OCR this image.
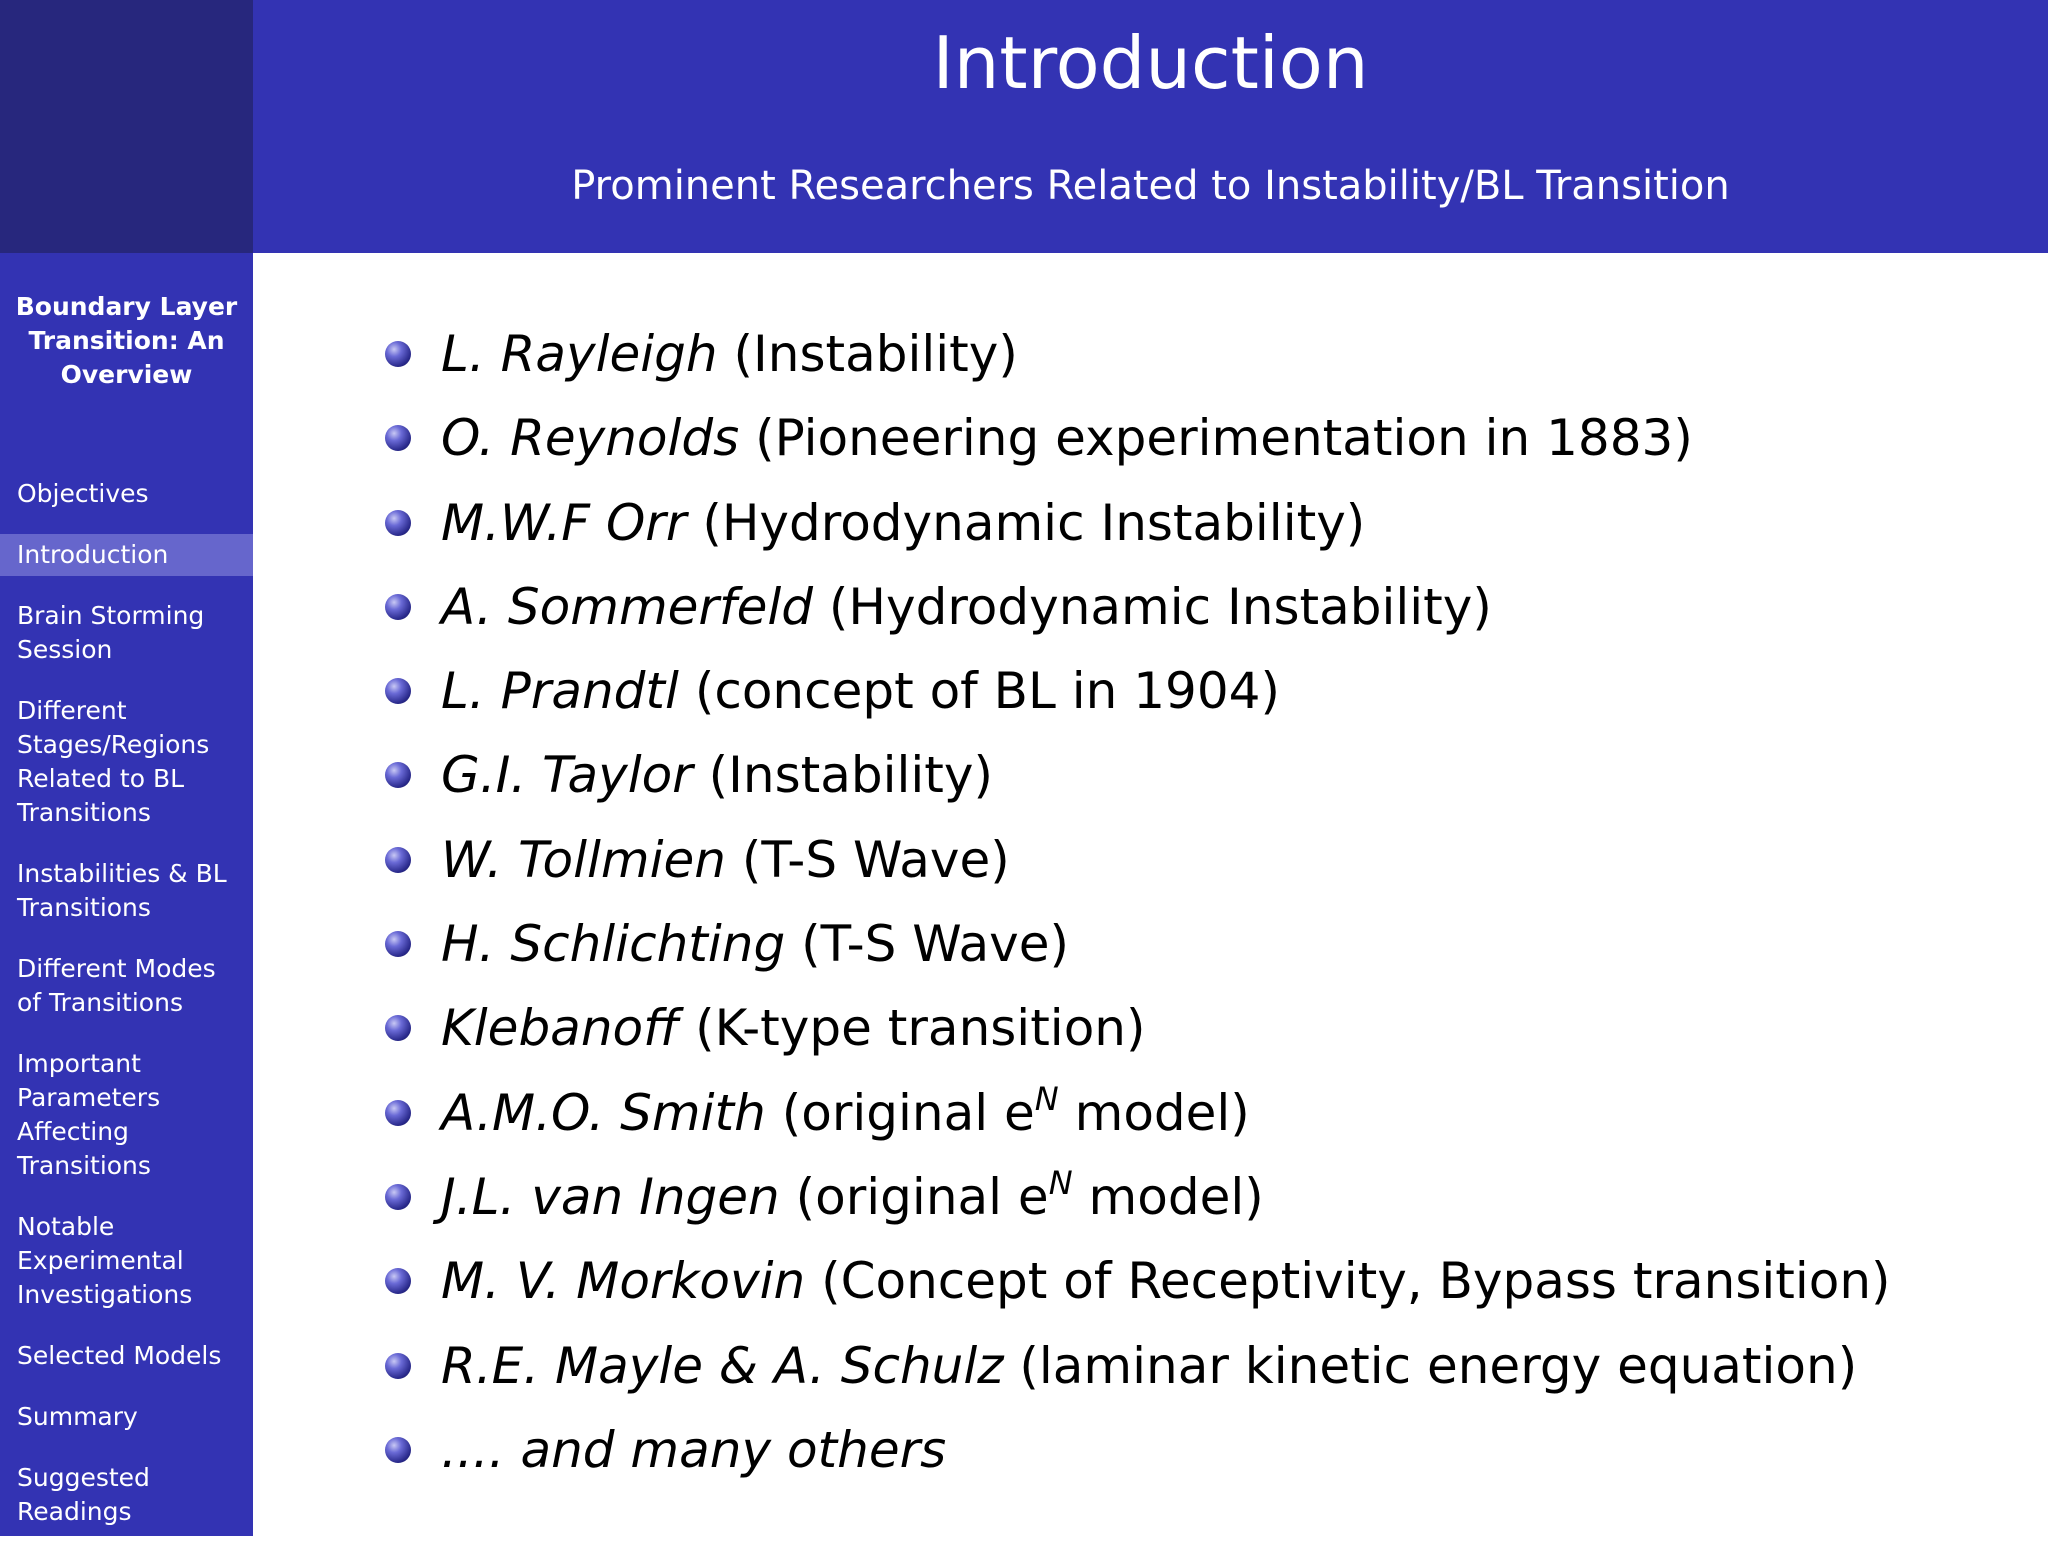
Introduction
Prominent Researchers Related to Instability/BL Transition
Boundary Layer Transition: An Overview
Objectives
Introduction
Brain Storming Session
Different Stages/Regions Related to BL Transitions
Instabilities & BL Transitions
Different Modes of Transitions
Important Parameters Affecting Transitions
Notable Experimental Investigations
Selected Models
Summary
Suggested Readings
L. Rayleigh (Instability)
O. Reynolds (Pioneering experimentation in 1883)
M.W.F Orr (Hydrodynamic Instability)
A. Sommerfeld (Hydrodynamic Instability)
L. Prandtl (concept of BL in 1904)
G.I. Taylor (Instability)
W. Tollmien (T-S Wave)
H. Schlichting (T-S Wave)
Klebanoff (K-type transition)
A.M.O. Smith (original $e^N$ model)
J.L. van Ingen (original $e^N$ model)
M. V. Morkovin (Concept of Receptivity, Bypass transition)
R.E. Mayle & A. Schulz (laminar kinetic energy equation)
.... and many others
